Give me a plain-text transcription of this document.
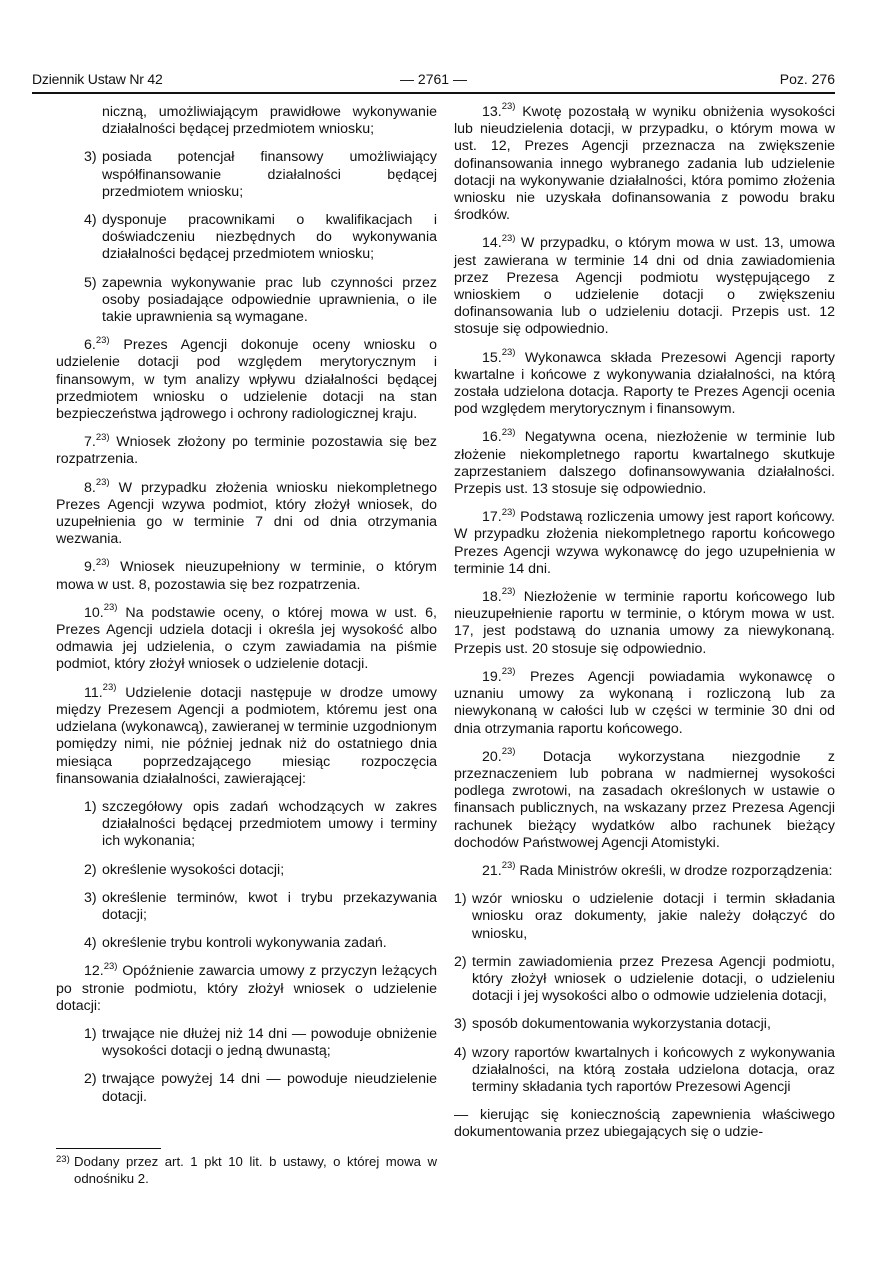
Dziennik Ustaw Nr 42	— 2761 —	Poz. 276
niczną, umożliwiającym prawidłowe wykonywanie działalności będącej przedmiotem wniosku;
3) posiada potencjał finansowy umożliwiający współfinansowanie działalności będącej przedmiotem wniosku;
4) dysponuje pracownikami o kwalifikacjach i doświadczeniu niezbędnych do wykonywania działalności będącej przedmiotem wniosku;
5) zapewnia wykonywanie prac lub czynności przez osoby posiadające odpowiednie uprawnienia, o ile takie uprawnienia są wymagane.
6.$^{23)}$ Prezes Agencji dokonuje oceny wniosku o udzielenie dotacji pod względem merytorycznym i finansowym, w tym analizy wpływu działalności będącej przedmiotem wniosku o udzielenie dotacji na stan bezpieczeństwa jądrowego i ochrony radiologicznej kraju.
7.$^{23)}$ Wniosek złożony po terminie pozostawia się bez rozpatrzenia.
8.$^{23)}$ W przypadku złożenia wniosku niekompletnego Prezes Agencji wzywa podmiot, który złożył wniosek, do uzupełnienia go w terminie 7 dni od dnia otrzymania wezwania.
9.$^{23)}$ Wniosek nieuzupełniony w terminie, o którym mowa w ust. 8, pozostawia się bez rozpatrzenia.
10.$^{23)}$ Na podstawie oceny, o której mowa w ust. 6, Prezes Agencji udziela dotacji i określa jej wysokość albo odmawia jej udzielenia, o czym zawiadamia na piśmie podmiot, który złożył wniosek o udzielenie dotacji.
11.$^{23)}$ Udzielenie dotacji następuje w drodze umowy między Prezesem Agencji a podmiotem, któremu jest ona udzielana (wykonawcą), zawieranej w terminie uzgodnionym pomiędzy nimi, nie później jednak niż do ostatniego dnia miesiąca poprzedzającego miesiąc rozpoczęcia finansowania działalności, zawierającej:
1) szczegółowy opis zadań wchodzących w zakres działalności będącej przedmiotem umowy i terminy ich wykonania;
2) określenie wysokości dotacji;
3) określenie terminów, kwot i trybu przekazywania dotacji;
4) określenie trybu kontroli wykonywania zadań.
12.$^{23)}$ Opóźnienie zawarcia umowy z przyczyn leżących po stronie podmiotu, który złożył wniosek o udzielenie dotacji:
1) trwające nie dłużej niż 14 dni — powoduje obniżenie wysokości dotacji o jedną dwunastą;
2) trwające powyżej 14 dni — powoduje nieudzielenie dotacji.
23) Dodany przez art. 1 pkt 10 lit. b ustawy, o której mowa w odnośniku 2.
13.$^{23)}$ Kwotę pozostałą w wyniku obniżenia wysokości lub nieudzielenia dotacji, w przypadku, o którym mowa w ust. 12, Prezes Agencji przeznacza na zwiększenie dofinansowania innego wybranego zadania lub udzielenie dotacji na wykonywanie działalności, która pomimo złożenia wniosku nie uzyskała dofinansowania z powodu braku środków.
14.$^{23)}$ W przypadku, o którym mowa w ust. 13, umowa jest zawierana w terminie 14 dni od dnia zawiadomienia przez Prezesa Agencji podmiotu występującego z wnioskiem o udzielenie dotacji o zwiększeniu dofinansowania lub o udzieleniu dotacji. Przepis ust. 12 stosuje się odpowiednio.
15.$^{23)}$ Wykonawca składa Prezesowi Agencji raporty kwartalne i końcowe z wykonywania działalności, na którą została udzielona dotacja. Raporty te Prezes Agencji ocenia pod względem merytorycznym i finansowym.
16.$^{23)}$ Negatywna ocena, niezłożenie w terminie lub złożenie niekompletnego raportu kwartalnego skutkuje zaprzestaniem dalszego dofinansowywania działalności. Przepis ust. 13 stosuje się odpowiednio.
17.$^{23)}$ Podstawą rozliczenia umowy jest raport końcowy. W przypadku złożenia niekompletnego raportu końcowego Prezes Agencji wzywa wykonawcę do jego uzupełnienia w terminie 14 dni.
18.$^{23)}$ Niezłożenie w terminie raportu końcowego lub nieuzupełnienie raportu w terminie, o którym mowa w ust. 17, jest podstawą do uznania umowy za niewykonaną. Przepis ust. 20 stosuje się odpowiednio.
19.$^{23)}$ Prezes Agencji powiadamia wykonawcę o uznaniu umowy za wykonaną i rozliczoną lub za niewykonaną w całości lub w części w terminie 30 dni od dnia otrzymania raportu końcowego.
20.$^{23)}$ Dotacja wykorzystana niezgodnie z przeznaczeniem lub pobrana w nadmiernej wysokości podlega zwrotowi, na zasadach określonych w ustawie o finansach publicznych, na wskazany przez Prezesa Agencji rachunek bieżący wydatków albo rachunek bieżący dochodów Państwowej Agencji Atomistyki.
21.$^{23)}$ Rada Ministrów określi, w drodze rozporządzenia:
1) wzór wniosku o udzielenie dotacji i termin składania wniosku oraz dokumenty, jakie należy dołączyć do wniosku,
2) termin zawiadomienia przez Prezesa Agencji podmiotu, który złożył wniosek o udzielenie dotacji, o udzieleniu dotacji i jej wysokości albo o odmowie udzielenia dotacji,
3) sposób dokumentowania wykorzystania dotacji,
4) wzory raportów kwartalnych i końcowych z wykonywania działalności, na którą została udzielona dotacja, oraz terminy składania tych raportów Prezesowi Agencji
— kierując się koniecznością zapewnienia właściwego dokumentowania przez ubiegających się o udzie-
